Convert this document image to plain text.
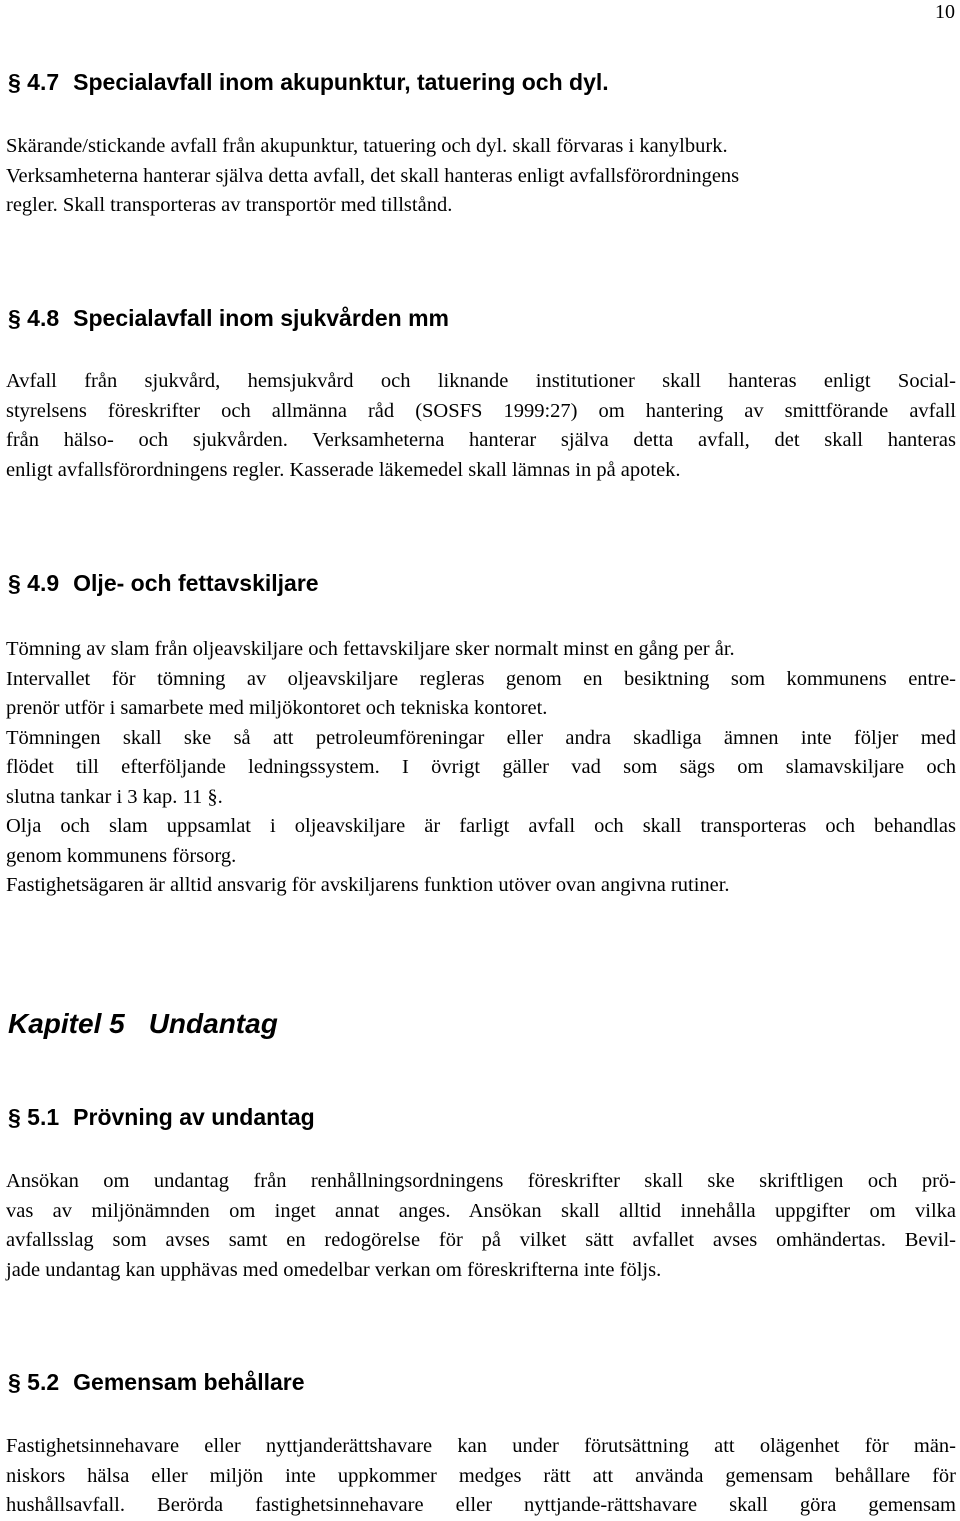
10
§ 4.7 Specialavfall inom akupunktur, tatuering och dyl.
Skärande/stickande avfall från akupunktur, tatuering och dyl. skall förvaras i kanylburk.
Verksamheterna hanterar själva detta avfall, det skall hanteras enligt avfallsförordningens
regler. Skall transporteras av transportör med tillstånd.
§ 4.8 Specialavfall inom sjukvården mm
Avfall från sjukvård, hemsjukvård och liknande institutioner skall hanteras enligt Social-
styrelsens föreskrifter och allmänna råd (SOSFS 1999:27) om hantering av smittförande avfall
från hälso- och sjukvården. Verksamheterna hanterar själva detta avfall, det skall hanteras
enligt avfallsförordningens regler. Kasserade läkemedel skall lämnas in på apotek.
§ 4.9 Olje- och fettavskiljare
Tömning av slam från oljeavskiljare och fettavskiljare sker normalt minst en gång per år.
Intervallet för tömning av oljeavskiljare regleras genom en besiktning som kommunens entre-
prenör utför i samarbete med miljökontoret och tekniska kontoret.
Tömningen skall ske så att petroleumföreningar eller andra skadliga ämnen inte följer med
flödet till efterföljande ledningssystem. I övrigt gäller vad som sägs om slamavskiljare och
slutna tankar i 3 kap. 11 §.
Olja och slam uppsamlat i oljeavskiljare är farligt avfall och skall transporteras och behandlas
genom kommunens försorg.
Fastighetsägaren är alltid ansvarig för avskiljarens funktion utöver ovan angivna rutiner.
Kapitel 5 Undantag
§ 5.1 Prövning av undantag
Ansökan om undantag från renhållningsordningens föreskrifter skall ske skriftligen och prö-
vas av miljönämnden om inget annat anges. Ansökan skall alltid innehålla uppgifter om vilka
avfallsslag som avses samt en redogörelse för på vilket sätt avfallet avses omhändertas. Bevil-
jade undantag kan upphävas med omedelbar verkan om föreskrifterna inte följs.
§ 5.2 Gemensam behållare
Fastighetsinnehavare eller nyttjanderättshavare kan under förutsättning att olägenhet för män-
niskors hälsa eller miljön inte uppkommer medges rätt att använda gemensam behållare för
hushållsavfall. Berörda fastighetsinnehavare eller nyttjande-rättshavare skall göra gemensam
